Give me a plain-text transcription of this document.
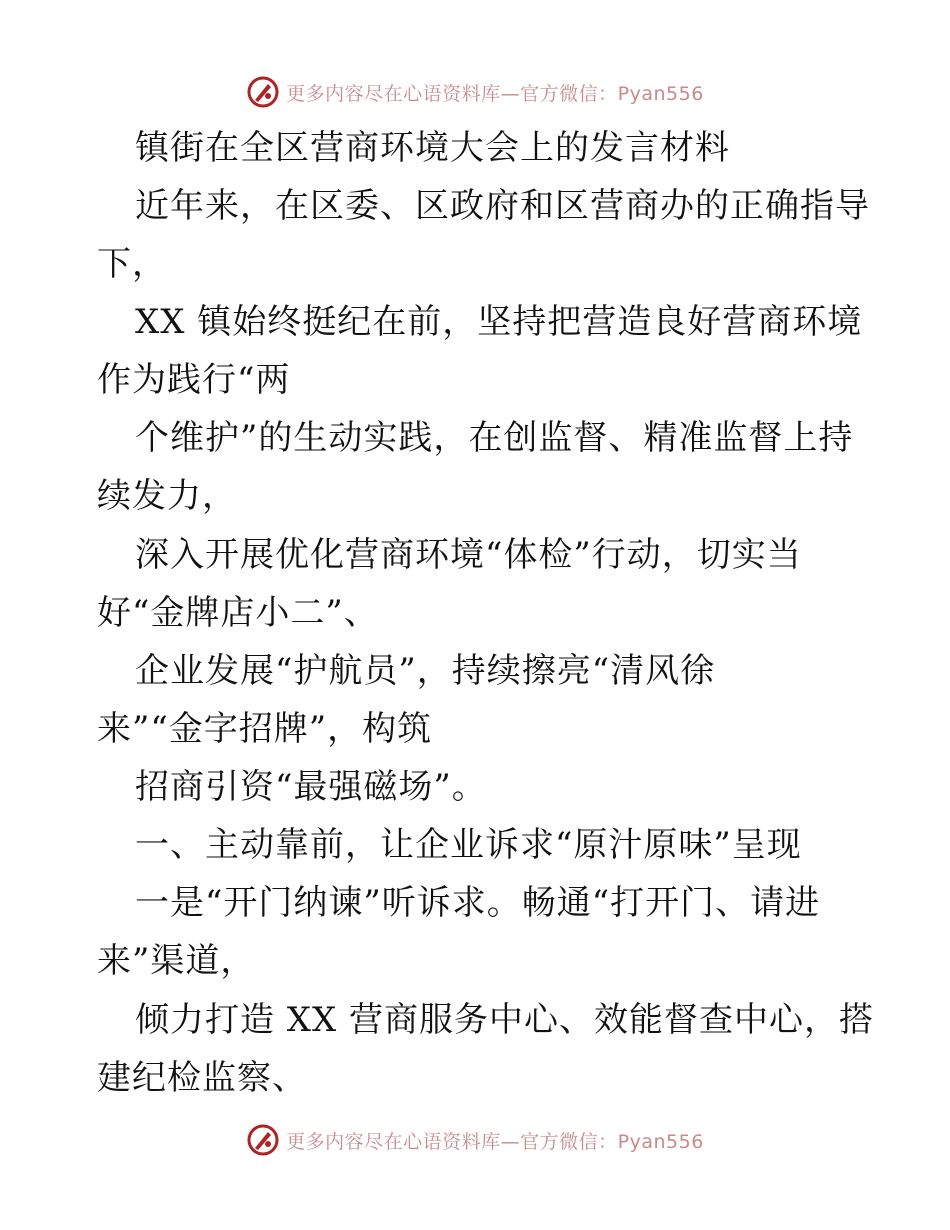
更多内容尽在心语资料库—官方微信：Pyan556
镇街在全区营商环境大会上的发言材料
近年来，在区委、区政府和区营商办的正确指导
下，
XX 镇始终挺纪在前，坚持把营造良好营商环境
作为践行“两
个维护”的生动实践，在创监督、精准监督上持
续发力，
深入开展优化营商环境“体检”行动，切实当
好“金牌店小二”、
企业发展“护航员”，持续擦亮“清风徐
来”“金字招牌”，构筑
招商引资“最强磁场”。
一、主动靠前，让企业诉求“原汁原味”呈现
一是“开门纳谏”听诉求。畅通“打开门、请进
来”渠道，
倾力打造 XX 营商服务中心、效能督查中心，搭
建纪检监察、
更多内容尽在心语资料库—官方微信：Pyan556
